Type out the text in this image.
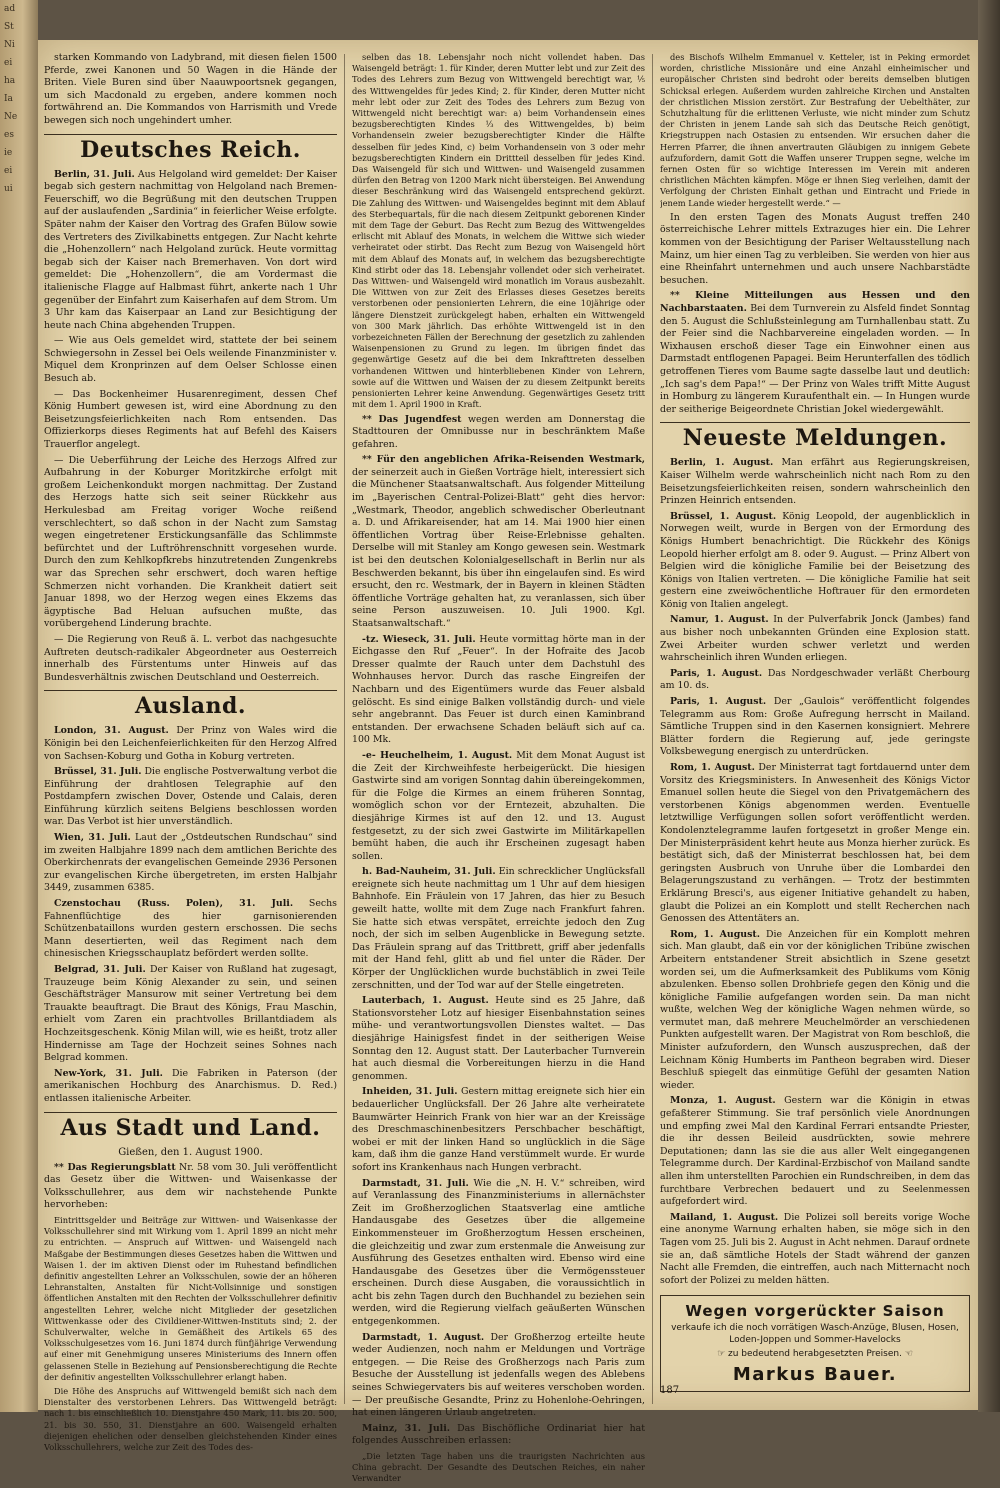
ad
St
Ni
ei
ha
Ia
Ne
es
ie
ei
ui

starken Kommando von Ladybrand, mit diesen fielen 1500 Pferde, zwei Kanonen und 50 Wagen in die Hände der Briten. Viele Buren sind über Naauwpoortsnek gegangen, um sich Macdonald zu ergeben, andere kommen noch fortwährend an. Die Kommandos von Harrismith und Vrede bewegen sich noch ungehindert umher.

Deutsches Reich.

Berlin, 31. Juli. Aus Helgoland wird gemeldet: Der Kaiser begab sich gestern nachmittag von Helgoland nach Bremen-Feuerschiff, wo die Begrüßung mit den deutschen Truppen auf der auslaufenden „Sardinia“ in feierlicher Weise erfolgte. Später nahm der Kaiser den Vortrag des Grafen Bülow sowie des Vertreters des Zivilkabinetts entgegen. Zur Nacht kehrte die „Hohenzollern“ nach Helgoland zurück. Heute vormittag begab sich der Kaiser nach Bremerhaven. Von dort wird gemeldet: Die „Hohenzollern“, die am Vordermast die italienische Flagge auf Halbmast führt, ankerte nach 1 Uhr gegenüber der Einfahrt zum Kaiserhafen auf dem Strom. Um 3 Uhr kam das Kaiserpaar an Land zur Besichtigung der heute nach China abgehenden Truppen.

— Wie aus Oels gemeldet wird, stattete der bei seinem Schwiegersohn in Zessel bei Oels weilende Finanzminister v. Miquel dem Kronprinzen auf dem Oelser Schlosse einen Besuch ab.

— Das Bockenheimer Husarenregiment, dessen Chef König Humbert gewesen ist, wird eine Abordnung zu den Beisetzungsfeierlichkeiten nach Rom entsenden. Das Offizierkorps dieses Regiments hat auf Befehl des Kaisers Trauerflor angelegt.

— Die Ueberführung der Leiche des Herzogs Alfred zur Aufbahrung in der Koburger Moritzkirche erfolgt mit großem Leichenkondukt morgen nachmittag. Der Zustand des Herzogs hatte sich seit seiner Rückkehr aus Herkulesbad am Freitag voriger Woche reißend verschlechtert, so daß schon in der Nacht zum Samstag wegen eingetretener Erstickungsanfälle das Schlimmste befürchtet und der Luftröhrenschnitt vorgesehen wurde. Durch den zum Kehlkopfkrebs hinzutretenden Zungenkrebs war das Sprechen sehr erschwert, doch waren heftige Schmerzen nicht vorhanden. Die Krankheit datiert seit Januar 1898, wo der Herzog wegen eines Ekzems das ägyptische Bad Heluan aufsuchen mußte, das vorübergehend Linderung brachte.

— Die Regierung von Reuß ä. L. verbot das nachgesuchte Auftreten deutsch-radikaler Abgeordneter aus Oesterreich innerhalb des Fürstentums unter Hinweis auf das Bundesverhältnis zwischen Deutschland und Oesterreich.

Ausland.

London, 31. August. Der Prinz von Wales wird die Königin bei den Leichenfeierlichkeiten für den Herzog Alfred von Sachsen-Koburg und Gotha in Koburg vertreten.

Brüssel, 31. Juli. Die englische Postverwaltung verbot die Einführung der drahtlosen Telegraphie auf den Postdampfern zwischen Dover, Ostende und Calais, deren Einführung kürzlich seitens Belgiens beschlossen worden war. Das Verbot ist hier unverständlich.

Wien, 31. Juli. Laut der „Ostdeutschen Rundschau“ sind im zweiten Halbjahre 1899 nach dem amtlichen Berichte des Oberkirchenrats der evangelischen Gemeinde 2936 Personen zur evangelischen Kirche übergetreten, im ersten Halbjahr 3449, zusammen 6385.

Czenstochau (Russ. Polen), 31. Juli. Sechs Fahnenflüchtige des hier garnisonierenden Schützenbataillons wurden gestern erschossen. Die sechs Mann desertierten, weil das Regiment nach dem chinesischen Kriegsschauplatz befördert werden sollte.

Belgrad, 31. Juli. Der Kaiser von Rußland hat zugesagt, Trauzeuge beim König Alexander zu sein, und seinen Geschäftsträger Mansurow mit seiner Vertretung bei dem Trauakte beauftragt. Die Braut des Königs, Frau Maschin, erhielt vom Zaren ein prachtvolles Brillantdiadem als Hochzeitsgeschenk. König Milan will, wie es heißt, trotz aller Hindernisse am Tage der Hochzeit seines Sohnes nach Belgrad kommen.

New-York, 31. Juli. Die Fabriken in Paterson (der amerikanischen Hochburg des Anarchismus. D. Red.) entlassen italienische Arbeiter.

Aus Stadt und Land.
Gießen, den 1. August 1900.

** Das Regierungsblatt Nr. 58 vom 30. Juli veröffentlicht das Gesetz über die Wittwen- und Waisenkasse der Volksschullehrer, aus dem wir nachstehende Punkte hervorheben:

Eintrittsgelder und Beiträge zur Wittwen- und Waisenkasse der Volksschullehrer sind mit Wirkung vom 1. April 1899 an nicht mehr zu entrichten. — Anspruch auf Wittwen- und Waisengeld nach Maßgabe der Bestimmungen dieses Gesetzes haben die Wittwen und Waisen 1. der im aktiven Dienst oder im Ruhestand befindlichen definitiv angestellten Lehrer an Volksschulen, sowie der an höheren Lehranstalten, Anstalten für Nicht-Vollsinnige und sonstigen öffentlichen Anstalten mit den Rechten der Volksschullehrer definitiv angestellten Lehrer, welche nicht Mitglieder der gesetzlichen Wittwenkasse oder des Civildiener-Wittwen-Instituts sind; 2. der Schulverwalter, welche in Gemäßheit des Artikels 65 des Volksschulgesetzes vom 16. Juni 1874 durch fünfjährige Verwendung auf einer mit Genehmigung unseres Ministeriums des Innern offen gelassenen Stelle in Beziehung auf Pensionsberechtigung die Rechte der definitiv angestellten Volksschullehrer erlangt haben.

Die Höhe des Anspruchs auf Wittwengeld bemißt sich nach dem Dienstalter des verstorbenen Lehrers. Das Wittwengeld beträgt: nach 1. bis einschließlich 10. Dienstjahre 450 Mark, 11. bis 20. 500, 21. bis 30. 550, 31. Dienstjahre an 600. Waisengeld erhalten diejenigen ehelichen oder denselben gleichstehenden Kinder eines Volksschullehrers, welche zur Zeit des Todes des-

selben das 18. Lebensjahr noch nicht vollendet haben. Das Waisengeld beträgt: 1. für Kinder, deren Mutter lebt und zur Zeit des Todes des Lehrers zum Bezug von Wittwengeld berechtigt war, ⅕ des Wittwengeldes für jedes Kind; 2. für Kinder, deren Mutter nicht mehr lebt oder zur Zeit des Todes des Lehrers zum Bezug von Wittwengeld nicht berechtigt war: a) beim Vorhandensein eines bezugsberechtigten Kindes ⅓ des Wittwengeldes, b) beim Vorhandensein zweier bezugsberechtigter Kinder die Hälfte desselben für jedes Kind, c) beim Vorhandensein von 3 oder mehr bezugsberechtigten Kindern ein Drittteil desselben für jedes Kind. Das Waisengeld für sich und Wittwen- und Waisengeld zusammen dürfen den Betrag von 1200 Mark nicht übersteigen. Bei Anwendung dieser Beschränkung wird das Waisengeld entsprechend gekürzt. Die Zahlung des Wittwen- und Waisengeldes beginnt mit dem Ablauf des Sterbequartals, für die nach diesem Zeitpunkt geborenen Kinder mit dem Tage der Geburt. Das Recht zum Bezug des Wittwengeldes erlischt mit Ablauf des Monats, in welchem die Wittwe sich wieder verheiratet oder stirbt. Das Recht zum Bezug von Waisengeld hört mit dem Ablauf des Monats auf, in welchem das bezugsberechtigte Kind stirbt oder das 18. Lebensjahr vollendet oder sich verheiratet. Das Wittwen- und Waisengeld wird monatlich im Voraus ausbezahlt. Die Wittwen von zur Zeit des Erlasses dieses Gesetzes bereits verstorbenen oder pensionierten Lehrern, die eine 10jährige oder längere Dienstzeit zurückgelegt haben, erhalten ein Wittwengeld von 300 Mark jährlich. Das erhöhte Wittwengeld ist in den vorbezeichneten Fällen der Berechnung der gesetzlich zu zahlenden Waisenpensionen zu Grund zu legen. Im übrigen findet das gegenwärtige Gesetz auf die bei dem Inkrafttreten desselben vorhandenen Wittwen und hinterbliebenen Kinder von Lehrern, sowie auf die Wittwen und Waisen der zu diesem Zeitpunkt bereits pensionierten Lehrer keine Anwendung. Gegenwärtiges Gesetz tritt mit dem 1. April 1900 in Kraft.

** Das Jugendfest wegen werden am Donnerstag die Stadttouren der Omnibusse nur in beschränktem Maße gefahren.

** Für den angeblichen Afrika-Reisenden Westmark, der seinerzeit auch in Gießen Vorträge hielt, interessiert sich die Münchener Staatsanwaltschaft. Aus folgender Mitteilung im „Bayerischen Central-Polizei-Blatt“ geht dies hervor: „Westmark, Theodor, angeblich schwedischer Oberleutnant a. D. und Afrikareisender, hat am 14. Mai 1900 hier einen öffentlichen Vortrag über Reise-Erlebnisse gehalten. Derselbe will mit Stanley am Kongo gewesen sein. Westmark ist bei den deutschen Kolonialgesellschaft in Berlin nur als Beschwerden bekannt, bis über ihn eingelaufen sind. Es wird ersucht, den rc. Westmark, der in Bayern in kleinen Städten öffentliche Vorträge gehalten hat, zu veranlassen, sich über seine Person auszuweisen. 10. Juli 1900. Kgl. Staatsanwaltschaft.“

-tz. Wieseck, 31. Juli. Heute vormittag hörte man in der Eichgasse den Ruf „Feuer“. In der Hofraite des Jacob Dresser qualmte der Rauch unter dem Dachstuhl des Wohnhauses hervor. Durch das rasche Eingreifen der Nachbarn und des Eigentümers wurde das Feuer alsbald gelöscht. Es sind einige Balken vollständig durch- und viele sehr angebrannt. Das Feuer ist durch einen Kaminbrand entstanden. Der erwachsene Schaden beläuft sich auf ca. 100 Mk.

-e- Heuchelheim, 1. August. Mit dem Monat August ist die Zeit der Kirchweihfeste herbeigerückt. Die hiesigen Gastwirte sind am vorigen Sonntag dahin übereingekommen, für die Folge die Kirmes an einem früheren Sonntag, womöglich schon vor der Erntezeit, abzuhalten. Die diesjährige Kirmes ist auf den 12. und 13. August festgesetzt, zu der sich zwei Gastwirte im Militärkapellen bemüht haben, die auch ihr Erscheinen zugesagt haben sollen.

h. Bad-Nauheim, 31. Juli. Ein schrecklicher Unglücksfall ereignete sich heute nachmittag um 1 Uhr auf dem hiesigen Bahnhofe. Ein Fräulein von 17 Jahren, das hier zu Besuch geweilt hatte, wollte mit dem Zuge nach Frankfurt fahren. Sie hatte sich etwas verspätet, erreichte jedoch den Zug noch, der sich im selben Augenblicke in Bewegung setzte. Das Fräulein sprang auf das Trittbrett, griff aber jedenfalls mit der Hand fehl, glitt ab und fiel unter die Räder. Der Körper der Unglücklichen wurde buchstäblich in zwei Teile zerschnitten, und der Tod war auf der Stelle eingetreten.

Lauterbach, 1. August. Heute sind es 25 Jahre, daß Stationsvorsteher Lotz auf hiesiger Eisenbahnstation seines mühe- und verantwortungsvollen Dienstes waltet. — Das diesjährige Hainigsfest findet in der seitherigen Weise Sonntag den 12. August statt. Der Lauterbacher Turnverein hat auch diesmal die Vorbereitungen hierzu in die Hand genommen.

Inheiden, 31. Juli. Gestern mittag ereignete sich hier ein bedauerlicher Unglücksfall. Der 26 Jahre alte verheiratete Baumwärter Heinrich Frank von hier war an der Kreissäge des Dreschmaschinenbesitzers Perschbacher beschäftigt, wobei er mit der linken Hand so unglücklich in die Säge kam, daß ihm die ganze Hand verstümmelt wurde. Er wurde sofort ins Krankenhaus nach Hungen verbracht.

Darmstadt, 31. Juli. Wie die „N. H. V.“ schreiben, wird auf Veranlassung des Finanzministeriums in allernächster Zeit im Großherzoglichen Staatsverlag eine amtliche Handausgabe des Gesetzes über die allgemeine Einkommensteuer im Großherzogtum Hessen erscheinen, die gleichzeitig und zwar zum erstenmale die Anweisung zur Ausführung des Gesetzes enthalten wird. Ebenso wird eine Handausgabe des Gesetzes über die Vermögenssteuer erscheinen. Durch diese Ausgaben, die voraussichtlich in acht bis zehn Tagen durch den Buchhandel zu beziehen sein werden, wird die Regierung vielfach geäußerten Wünschen entgegenkommen.

Darmstadt, 1. August. Der Großherzog erteilte heute weder Audienzen, noch nahm er Meldungen und Vorträge entgegen. — Die Reise des Großherzogs nach Paris zum Besuche der Ausstellung ist jedenfalls wegen des Ablebens seines Schwiegervaters bis auf weiteres verschoben worden. — Der preußische Gesandte, Prinz zu Hohenlohe-Oehringen, hat einen längeren Urlaub angetreten.

Mainz, 31. Juli. Das Bischöfliche Ordinariat hier hat folgendes Ausschreiben erlassen:

„Die letzten Tage haben uns die traurigsten Nachrichten aus China gebracht. Der Gesandte des Deutschen Reiches, ein naher Verwandter

des Bischofs Wilhelm Emmanuel v. Ketteler, ist in Peking ermordet worden, christliche Missionäre und eine Anzahl einheimischer und europäischer Christen sind bedroht oder bereits demselben blutigen Schicksal erlegen. Außerdem wurden zahlreiche Kirchen und Anstalten der christlichen Mission zerstört. Zur Bestrafung der Uebelthäter, zur Schutzhaltung für die erlittenen Verluste, wie nicht minder zum Schutz der Christen in jenem Lande sah sich das Deutsche Reich genötigt, Kriegstruppen nach Ostasien zu entsenden. Wir ersuchen daher die Herren Pfarrer, die ihnen anvertrauten Gläubigen zu innigem Gebete aufzufordern, damit Gott die Waffen unserer Truppen segne, welche im fernen Osten für so wichtige Interessen im Verein mit anderen christlichen Mächten kämpfen. Möge er ihnen Sieg verleihen, damit der Verfolgung der Christen Einhalt gethan und Eintracht und Friede in jenem Lande wieder hergestellt werde.“ —

In den ersten Tagen des Monats August treffen 240 österreichische Lehrer mittels Extrazuges hier ein. Die Lehrer kommen von der Besichtigung der Pariser Weltausstellung nach Mainz, um hier einen Tag zu verbleiben. Sie werden von hier aus eine Rheinfahrt unternehmen und auch unsere Nachbarstädte besuchen.

** Kleine Mitteilungen aus Hessen und den Nachbarstaaten. Bei dem Turnverein zu Alsfeld findet Sonntag den 5. August die Schlußsteinlegung am Turnhallenbau statt. Zu der Feier sind die Nachbarvereine eingeladen worden. — In Wixhausen erschoß dieser Tage ein Einwohner einen aus Darmstadt entflogenen Papagei. Beim Herunterfallen des tödlich getroffenen Tieres vom Baume sagte dasselbe laut und deutlich: „Ich sag's dem Papa!“ — Der Prinz von Wales trifft Mitte August in Homburg zu längerem Kuraufenthalt ein. — In Hungen wurde der seitherige Beigeordnete Christian Jokel wiedergewählt.

Neueste Meldungen.

Berlin, 1. August. Man erfährt aus Regierungskreisen, Kaiser Wilhelm werde wahrscheinlich nicht nach Rom zu den Beisetzungsfeierlichkeiten reisen, sondern wahrscheinlich den Prinzen Heinrich entsenden.

Brüssel, 1. August. König Leopold, der augenblicklich in Norwegen weilt, wurde in Bergen von der Ermordung des Königs Humbert benachrichtigt. Die Rückkehr des Königs Leopold hierher erfolgt am 8. oder 9. August. — Prinz Albert von Belgien wird die königliche Familie bei der Beisetzung des Königs von Italien vertreten. — Die königliche Familie hat seit gestern eine zweiwöchentliche Hoftrauer für den ermordeten König von Italien angelegt.

Namur, 1. August. In der Pulverfabrik Jonck (Jambes) fand aus bisher noch unbekannten Gründen eine Explosion statt. Zwei Arbeiter wurden schwer verletzt und werden wahrscheinlich ihren Wunden erliegen.

Paris, 1. August. Das Nordgeschwader verläßt Cherbourg am 10. ds.

Paris, 1. August. Der „Gaulois“ veröffentlicht folgendes Telegramm aus Rom: Große Aufregung herrscht in Mailand. Sämtliche Truppen sind in den Kasernen konsigniert. Mehrere Blätter fordern die Regierung auf, jede geringste Volksbewegung energisch zu unterdrücken.

Rom, 1. August. Der Ministerrat tagt fortdauernd unter dem Vorsitz des Kriegsministers. In Anwesenheit des Königs Victor Emanuel sollen heute die Siegel von den Privatgemächern des verstorbenen Königs abgenommen werden. Eventuelle letztwillige Verfügungen sollen sofort veröffentlicht werden. Kondolenztelegramme laufen fortgesetzt in großer Menge ein. Der Ministerpräsident kehrt heute aus Monza hierher zurück. Es bestätigt sich, daß der Ministerrat beschlossen hat, bei dem geringsten Ausbruch von Unruhe über die Lombardei den Belagerungszustand zu verhängen. — Trotz der bestimmten Erklärung Bresci's, aus eigener Initiative gehandelt zu haben, glaubt die Polizei an ein Komplott und stellt Recherchen nach Genossen des Attentäters an.

Rom, 1. August. Die Anzeichen für ein Komplott mehren sich. Man glaubt, daß ein vor der königlichen Tribüne zwischen Arbeitern entstandener Streit absichtlich in Szene gesetzt worden sei, um die Aufmerksamkeit des Publikums vom König abzulenken. Ebenso sollen Drohbriefe gegen den König und die königliche Familie aufgefangen worden sein. Da man nicht wußte, welchen Weg der königliche Wagen nehmen würde, so vermutet man, daß mehrere Meuchelmörder an verschiedenen Punkten aufgestellt waren. Der Magistrat von Rom beschloß, die Minister aufzufordern, den Wunsch auszusprechen, daß der Leichnam König Humberts im Pantheon begraben wird. Dieser Beschluß spiegelt das einmütige Gefühl der gesamten Nation wieder.

Monza, 1. August. Gestern war die Königin in etwas gefaßterer Stimmung. Sie traf persönlich viele Anordnungen und empfing zwei Mal den Kardinal Ferrari entsandte Priester, die ihr dessen Beileid ausdrückten, sowie mehrere Deputationen; dann las sie die aus aller Welt eingegangenen Telegramme durch. Der Kardinal-Erzbischof von Mailand sandte allen ihm unterstellten Parochien ein Rundschreiben, in dem das furchtbare Verbrechen bedauert und zu Seelenmessen aufgefordert wird.

Mailand, 1. August. Die Polizei soll bereits vorige Woche eine anonyme Warnung erhalten haben, sie möge sich in den Tagen vom 25. Juli bis 2. August in Acht nehmen. Darauf ordnete sie an, daß sämtliche Hotels der Stadt während der ganzen Nacht alle Fremden, die eintreffen, auch nach Mitternacht noch sofort der Polizei zu melden hätten.

Wegen vorgerückter Saison
verkaufe ich die noch vorrätigen Wasch-Anzüge, Blusen, Hosen, Loden-Joppen und Sommer-Havelocks
☞ zu bedeutend herabgesetzten Preisen. ☜
Markus Bauer.
187
